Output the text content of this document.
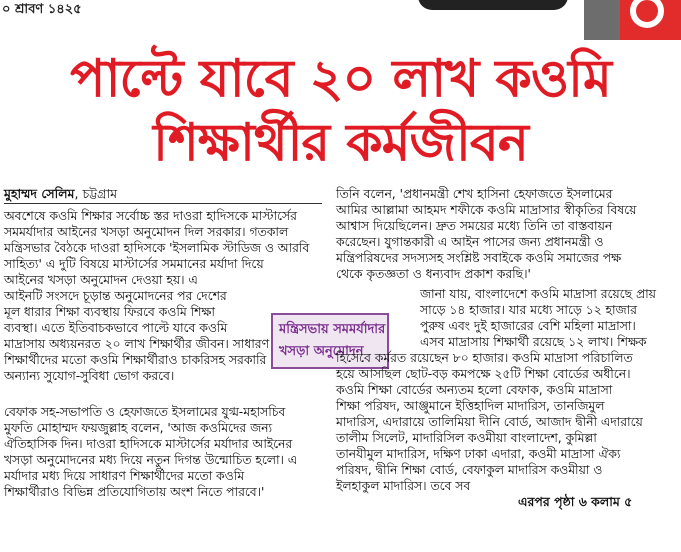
০ শ্রাবণ ১৪২৫
পাল্টে যাবে ২০ লাখ কওমি
শিক্ষার্থীর কর্মজীবন
মুহাম্মদ সেলিম, চট্টগ্রাম
অবশেষে কওমি শিক্ষার সর্বোচ্চ স্তর দাওরা হাদিসকে মাস্টার্সের
সমমর্যাদার আইনের খসড়া অনুমোদন দিল সরকার। গতকাল
মন্ত্রিসভার বৈঠকে দাওরা হাদিসকে 'ইসলামিক স্টাডিজ ও আরবি
সাহিত্য' এ দুটি বিষয়ে মাস্টার্সের সমমানের মর্যাদা দিয়ে
আইনের খসড়া অনুমোদন দেওয়া হয়। এ
আইনটি সংসদে চূড়ান্ত অনুমোদনের পর দেশের
মূল ধারার শিক্ষা ব্যবস্থায় ফিরবে কওমি শিক্ষা
ব্যবস্থা। এতে ইতিবাচকভাবে পাল্টে যাবে কওমি
মাদ্রাসায় অধ্যয়নরত ২০ লাখ শিক্ষার্থীর জীবন। সাধারণ
শিক্ষার্থীদের মতো কওমি শিক্ষার্থীরাও চাকরিসহ সরকারি
অন্যান্য সুযোগ-সুবিধা ভোগ করবে।
বেফাক সহ-সভাপতি ও হেফাজতে ইসলামের যুগ্ম-মহাসচিব
মুফতি মোহাম্মদ ফয়জুল্লাহ বলেন, 'আজ কওমিদের জন্য
ঐতিহাসিক দিন। দাওরা হাদিসকে মাস্টার্সের মর্যাদার আইনের
খসড়া অনুমোদনের মধ্য দিয়ে নতুন দিগন্ত উন্মোচিত হলো। এ
মর্যাদার মধ্য দিয়ে সাধারণ শিক্ষার্থীদের মতো কওমি
শিক্ষার্থীরাও বিভিন্ন প্রতিযোগিতায় অংশ নিতে পারবে।'
মন্ত্রিসভায় সমমর্যাদার
খসড়া অনুমোদন
তিনি বলেন, 'প্রধানমন্ত্রী শেখ হাসিনা হেফাজতে ইসলামের
আমির আল্লামা আহমদ শফীকে কওমি মাদ্রাসার স্বীকৃতির বিষয়ে
আশ্বাস দিয়েছিলেন। দ্রুত সময়ের মধ্যে তিনি তা বাস্তবায়ন
করেছেন। যুগান্তকারী এ আইন পাসের জন্য প্রধানমন্ত্রী ও
মন্ত্রিপরিষদের সদস্যসহ সংশ্লিষ্ট সবাইকে কওমি সমাজের পক্ষ
থেকে কৃতজ্ঞতা ও ধন্যবাদ প্রকাশ করছি।'
জানা যায়, বাংলাদেশে কওমি মাদ্রাসা রয়েছে প্রায়
সাড়ে ১৪ হাজার। যার মধ্যে সাড়ে ১২ হাজার
পুরুষ এবং দুই হাজারের বেশি মহিলা মাদ্রাসা।
এসব মাদ্রাসায় শিক্ষার্থী রয়েছে ১২ লাখ। শিক্ষক
হিসেবে কর্মরত রয়েছেন ৮০ হাজার। কওমি মাদ্রাসা পরিচালিত
হয়ে আসছিল ছোট-বড় কমপক্ষে ২৫টি শিক্ষা বোর্ডের অধীনে।
কওমি শিক্ষা বোর্ডের অন্যতম হলো বেফাক, কওমি মাদ্রাসা
শিক্ষা পরিষদ, আঞ্জুমানে ইত্তিহাদিল মাদারিস, তানজিমুল
মাদারিস, এদারায়ে তালিমিয়া দীনি বোর্ড, আজাদ দ্বীনী এদারায়ে
তালীম সিলেট, মাদারিসিল কওমীয়া বাংলাদেশ, কুমিল্লা
তানযীমুল মাদারিস, দক্ষিণ ঢাকা এদারা, কওমী মাদ্রাসা ঐক্য
পরিষদ, দ্বীনি শিক্ষা বোর্ড, বেফাকুল মাদারিস কওমীয়া ও
ইলহাকুল মাদারিস। তবে সব
এরপর পৃষ্ঠা ৬ কলাম ৫
